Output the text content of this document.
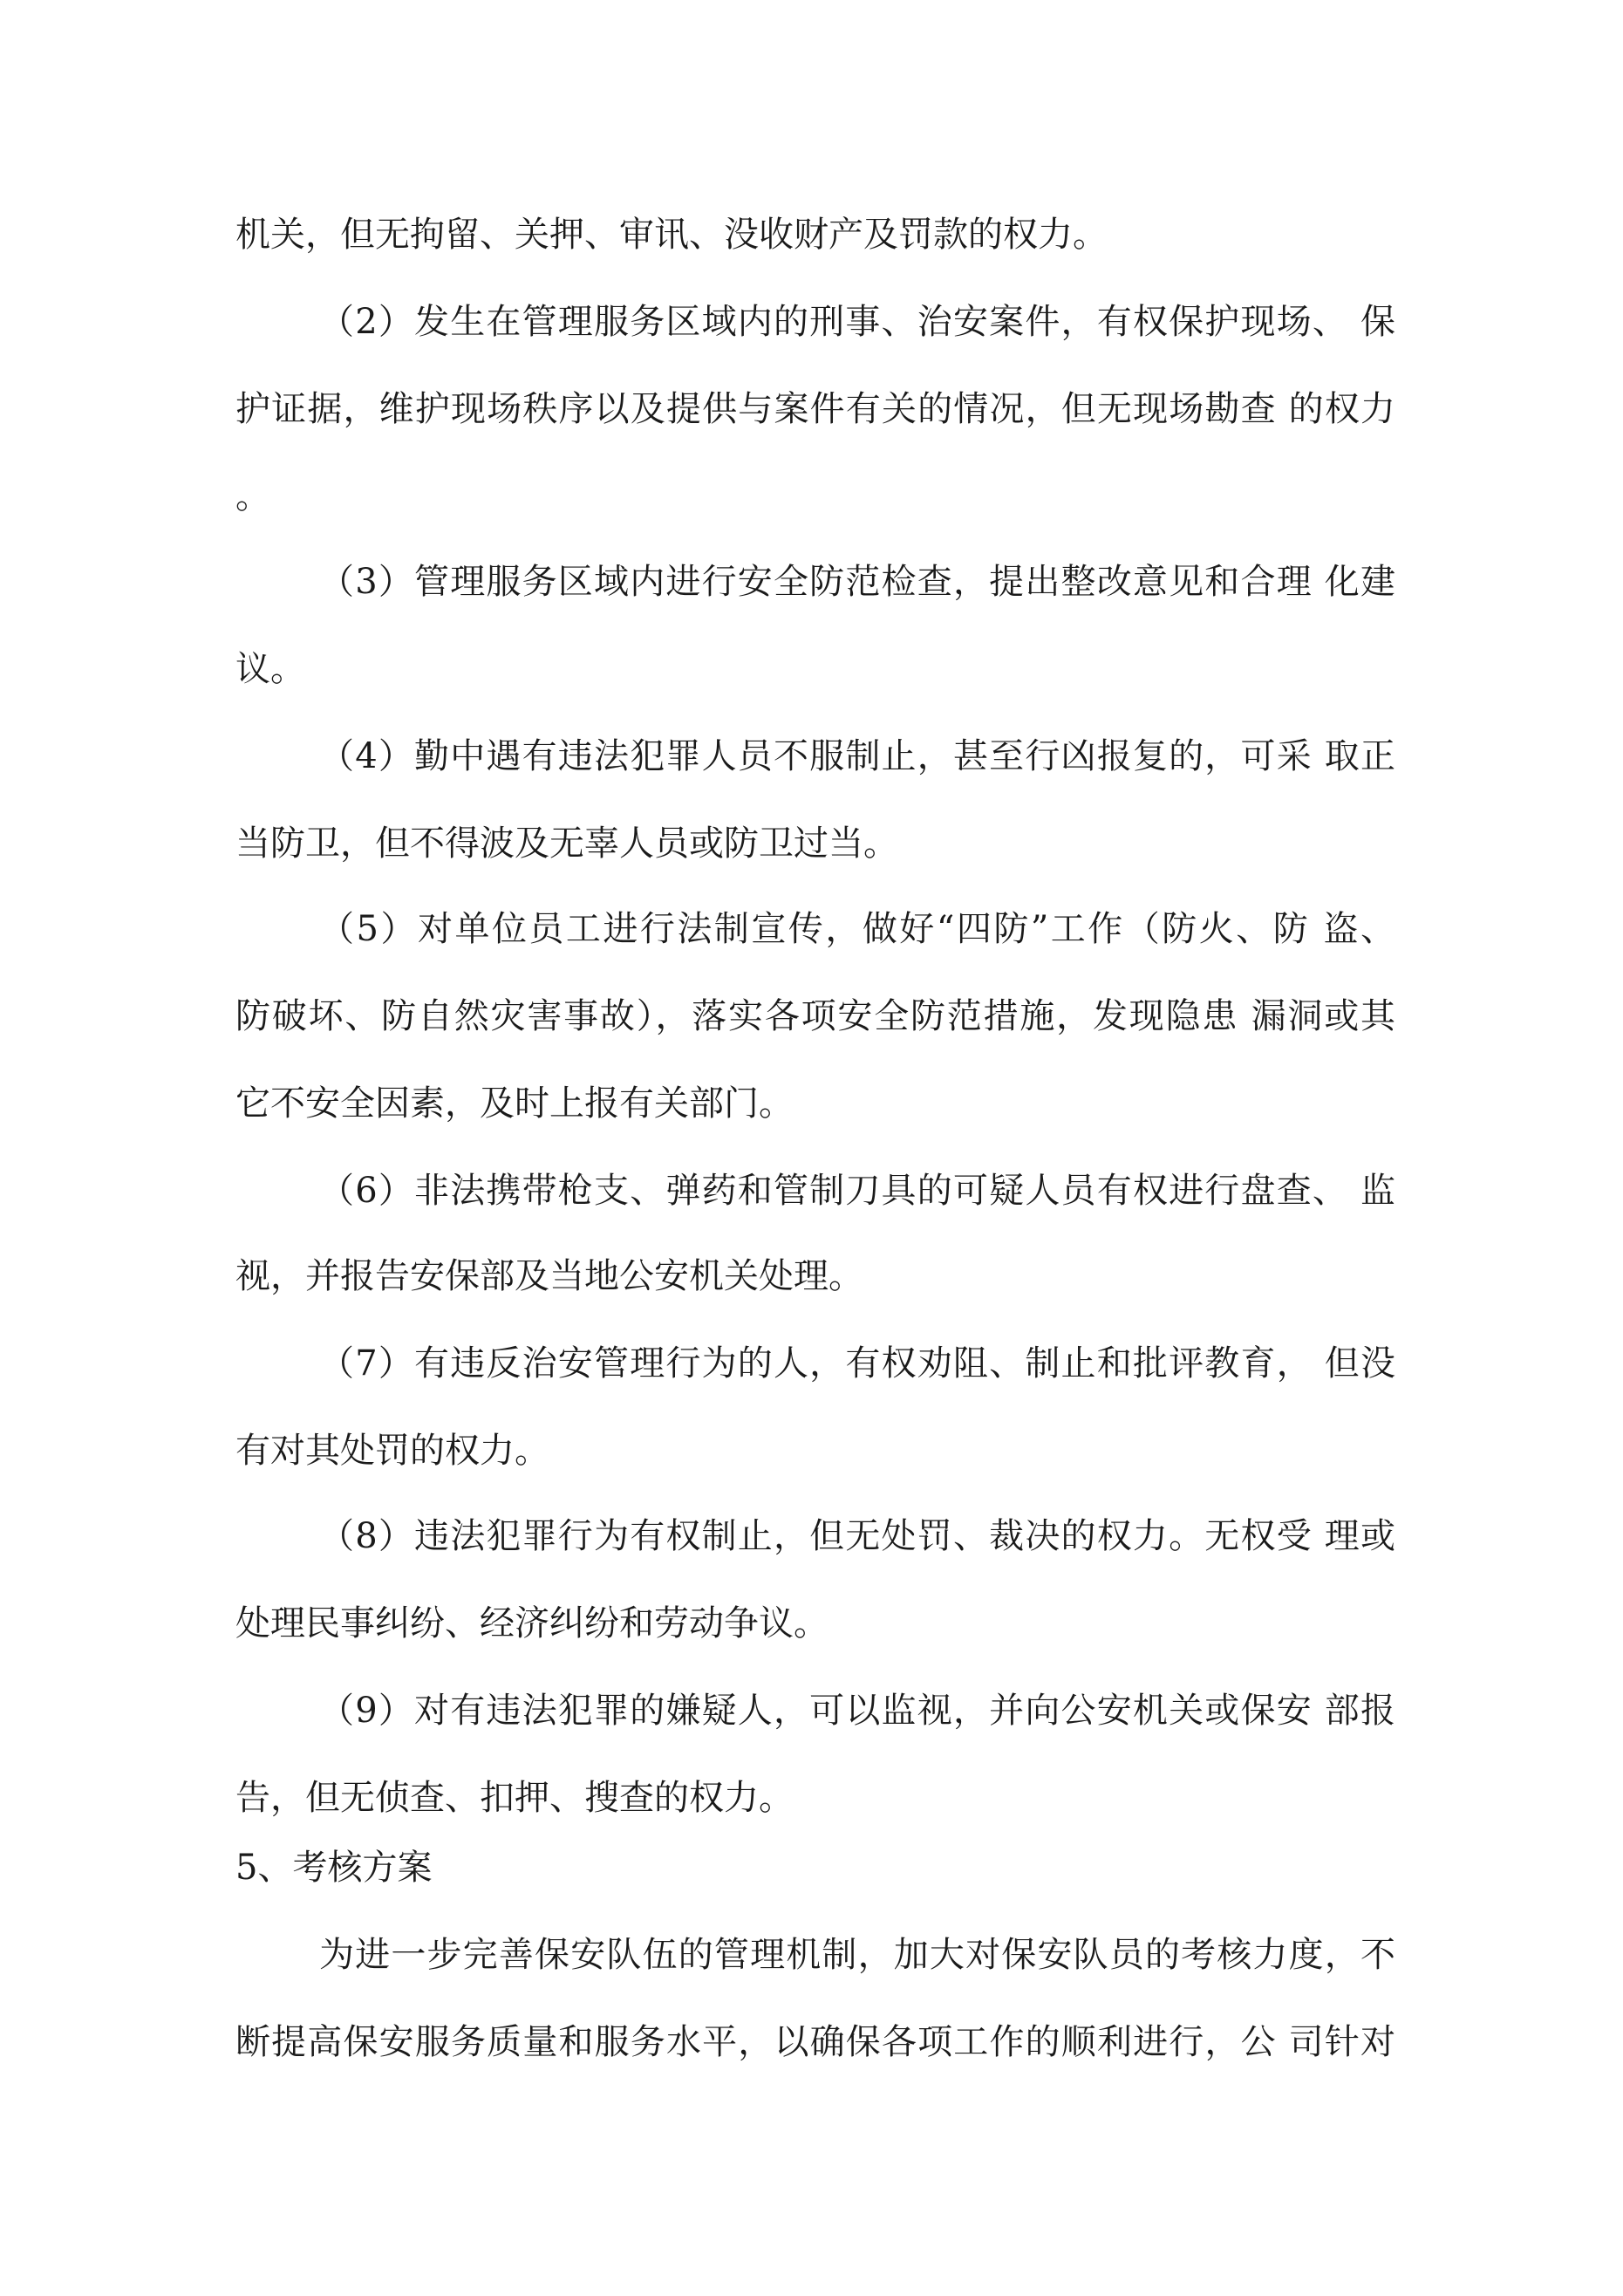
机关，但无拘留、关押、审讯、没收财产及罚款的权力。
（2）发生在管理服务区域内的刑事、治安案件，有权保护现场、 保
护证据，维护现场秩序以及提供与案件有关的情况，但无现场勘查 的权力
。
（3）管理服务区域内进行安全防范检查，提出整改意见和合理 化建
议。
（4）勤中遇有违法犯罪人员不服制止，甚至行凶报复的，可采 取正
当防卫，但不得波及无辜人员或防卫过当。
（5）对单位员工进行法制宣传，做好“四防”工作（防火、防 盗、
防破坏、防自然灾害事故），落实各项安全防范措施，发现隐患 漏洞或其
它不安全因素，及时上报有关部门。
（6）非法携带枪支、弹药和管制刀具的可疑人员有权进行盘查、 监
视，并报告安保部及当地公安机关处理。
（7）有违反治安管理行为的人，有权劝阻、制止和批评教育， 但没
有对其处罚的权力。
（8）违法犯罪行为有权制止，但无处罚、裁决的权力。无权受 理或
处理民事纠纷、经济纠纷和劳动争议。
（9）对有违法犯罪的嫌疑人，可以监视，并向公安机关或保安 部报
告，但无侦查、扣押、搜查的权力。
5、考核方案
为进一步完善保安队伍的管理机制，加大对保安队员的考核力度，不
断提高保安服务质量和服务水平，以确保各项工作的顺利进行，公 司针对
